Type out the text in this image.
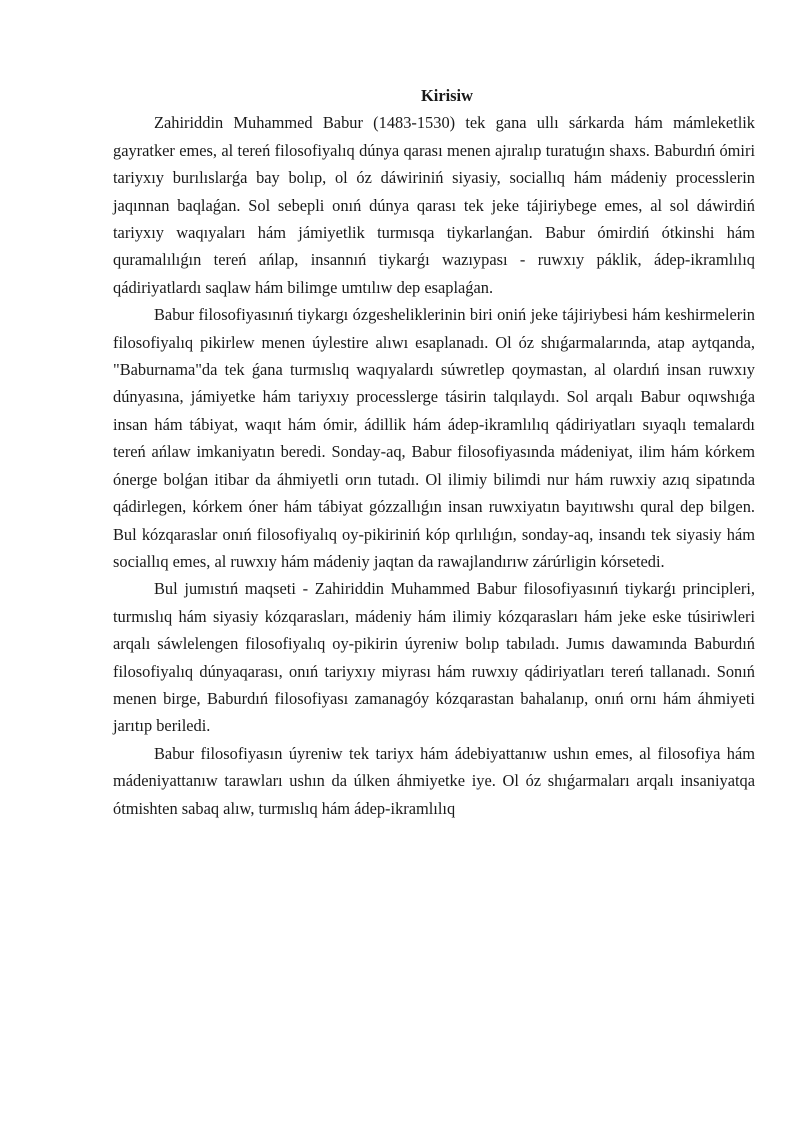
Kirisiw

Zahiriddin Muhammed Babur (1483-1530) tek gana ullı sárkarda hám mámleketlik gayratker emes, al tereń filosofiyalıq dúnya qarası menen ajıralıp turatuǵın shaxs. Baburdıń ómiri tariyxıy burılıslarǵa bay bolıp, ol óz dáwiriniń siyasiy, sociallıq hám mádeniy processlerin jaqınnan baqlaǵan. Sol sebepli onıń dúnya qarası tek jeke tájiriybege emes, al sol dáwirdiń tariyxıy waqıyaları hám jámiyetlik turmısqa tiykarlanǵan. Babur ómirdiń ótkinshi hám quramalılıǵın tereń ańlap, insannıń tiykarǵı wazıypası - ruwxıy páklik, ádep-ikramlılıq qádiriyatlardı saqlaw hám bilimge umtılıw dep esaplaǵan.

Babur filosofiyasınıń tiykargı ózgesheliklerinin biri oniń jeke tájiriybesi hám keshirmelerin filosofiyalıq pikirlew menen úylestire alıwı esaplanadı. Ol óz shıǵarmalarında, atap aytqanda, "Baburnama"da tek ǵana turmıslıq waqıyalardı súwretlep qoymastan, al olardıń insan ruwxıy dúnyasına, jámiyetke hám tariyxıy processlerge tásirin talqılaydı. Sol arqalı Babur oqıwshıǵa insan hám tábiyat, waqıt hám ómir, ádillik hám ádep-ikramlılıq qádiriyatları sıyaqlı temalardı tereń ańlaw imkaniyatın beredi. Sonday-aq, Babur filosofiyasında mádeniyat, ilim hám kórkem ónerge bolǵan itibar da áhmiyetli orın tutadı. Ol ilimiy bilimdi nur hám ruwxiy azıq sipatında qádirlegen, kórkem óner hám tábiyat gózzallıǵın insan ruwxiyatın bayıtıwshı qural dep bilgen. Bul kózqaraslar onıń filosofiyalıq oy-pikiriniń kóp qırlılıǵın, sonday-aq, insandı tek siyasiy hám sociallıq emes, al ruwxıy hám mádeniy jaqtan da rawajlandırıw zárúrligin kórsetedi.

Bul jumıstıń maqseti - Zahiriddin Muhammed Babur filosofiyasınıń tiykarǵı principleri, turmıslıq hám siyasiy kózqarasları, mádeniy hám ilimiy kózqarasları hám jeke eske túsiriwleri arqalı sáwlelengen filosofiyalıq oy-pikirin úyreniw bolıp tabıladı. Jumıs dawamında Baburdıń filosofiyalıq dúnyaqarası, onıń tariyxıy miyrası hám ruwxıy qádiriyatları tereń tallanadı. Sonıń menen birge, Baburdıń filosofiyası zamanagóy kózqarastan bahalanıp, onıń ornı hám áhmiyeti jarıtıp beriledi.

Babur filosofiyasın úyreniw tek tariyx hám ádebiyattanıw ushın emes, al filosofiya hám mádeniyattanıw tarawları ushın da úlken áhmiyetke iye. Ol óz shıǵarmaları arqalı insaniyatqa ótmishten sabaq alıw, turmıslıq hám ádep-ikramlılıq
